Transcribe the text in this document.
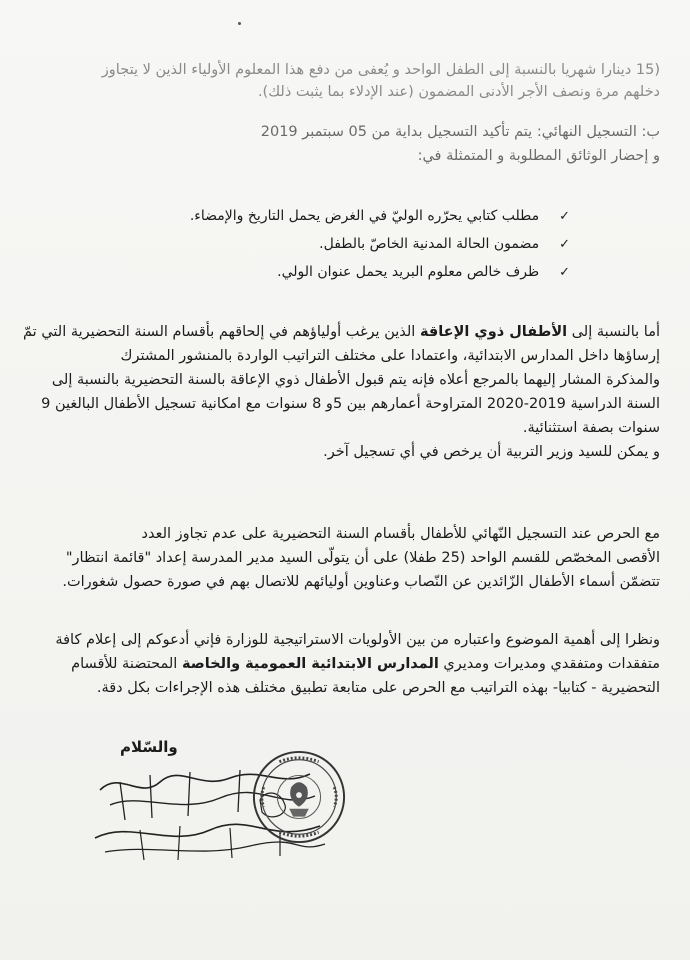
(15 دينارا شهريا بالنسبة إلى الطفل الواحد و يُعفى من دفع هذا المعلوم الأولياء الذين لا يتجاوز
دخلهم مرة ونصف الأجر الأدنى المضمون (عند الإدلاء بما يثبت ذلك).
ب: التسجيل النهائي: يتم تأكيد التسجيل بداية من 05 سبتمبر 2019
و إحضار الوثائق المطلوبة و المتمثلة في:
✓مطلب كتابي يحرّره الوليّ في الغرض يحمل التاريخ والإمضاء.
✓مضمون الحالة المدنية الخاصّ بالطفل.
✓ظرف خالص معلوم البريد يحمل عنوان الولي.
أما بالنسبة إلى الأطفال ذوي الإعاقة الذين يرغب أولياؤهم في إلحاقهم بأقسام السنة التحضيرية التي تمّ
إرساؤها داخل المدارس الابتدائية، واعتمادا على مختلف التراتيب الواردة بالمنشور المشترك
والمذكرة المشار إليهما بالمرجع أعلاه فإنه يتم قبول الأطفال ذوي الإعاقة بالسنة التحضيرية بالنسبة إلى
السنة الدراسية 2019-2020 المتراوحة أعمارهم بين 5و 8 سنوات مع امكانية تسجيل الأطفال البالغين 9
سنوات بصفة استثنائية.
و يمكن للسيد وزير التربية أن يرخص في أي تسجيل آخر.
مع الحرص عند التسجيل النّهائي للأطفال بأقسام السنة التحضيرية على عدم تجاوز العدد
الأقصى المخصّص للقسم الواحد (25 طفلا) على أن يتولّى السيد مدير المدرسة إعداد "قائمة انتظار"
تتضمّن أسماء الأطفال الزّائدين عن النّصاب وعناوين أوليائهم للاتصال بهم في صورة حصول شغورات.
ونظرا إلى أهمية الموضوع واعتباره من بين الأولويات الاستراتيجية للوزارة فإني أدعوكم إلى إعلام كافة
متفقدات ومتفقدي ومديرات ومديري المدارس الابتدائية العمومية والخاصة المحتضنة للأقسام
التحضيرية - كتابيا- بهذه التراتيب مع الحرص على متابعة تطبيق مختلف هذه الإجراءات بكل دقة.
والسّلام
